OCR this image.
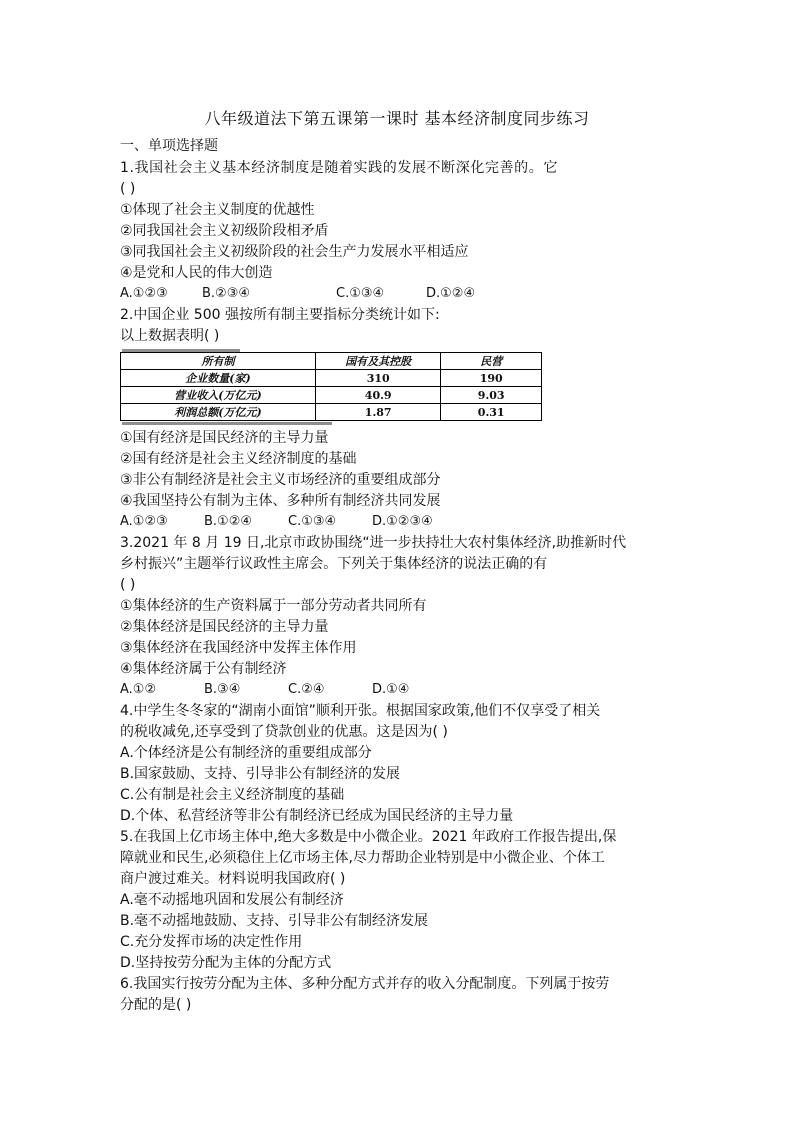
八年级道法下第五课第一课时 基本经济制度同步练习
一、单项选择题
1.我国社会主义基本经济制度是随着实践的发展不断深化完善的。它
( )
①体现了社会主义制度的优越性
②同我国社会主义初级阶段相矛盾
③同我国社会主义初级阶段的社会生产力发展水平相适应
④是党和人民的伟大创造
A.①②③	B.②③④	C.①③④	D.①②④
2.中国企业 500 强按所有制主要指标分类统计如下:
以上数据表明( )
所有制	国有及其控股	民营
企业数量(家)	310	190
营业收入(万亿元)	40.9	9.03
利润总额(万亿元)	1.87	0.31
①国有经济是国民经济的主导力量
②国有经济是社会主义经济制度的基础
③非公有制经济是社会主义市场经济的重要组成部分
④我国坚持公有制为主体、多种所有制经济共同发展
A.①②③	B.①②④	C.①③④	D.①②③④
3.2021 年 8 月 19 日,北京市政协围绕“进一步扶持壮大农村集体经济,助推新时代
乡村振兴”主题举行议政性主席会。下列关于集体经济的说法正确的有
( )
①集体经济的生产资料属于一部分劳动者共同所有
②集体经济是国民经济的主导力量
③集体经济在我国经济中发挥主体作用
④集体经济属于公有制经济
A.①②	B.③④	C.②④	D.①④
4.中学生冬冬家的“湖南小面馆”顺利开张。根据国家政策,他们不仅享受了相关
的税收减免,还享受到了贷款创业的优惠。这是因为( )
A.个体经济是公有制经济的重要组成部分
B.国家鼓励、支持、引导非公有制经济的发展
C.公有制是社会主义经济制度的基础
D.个体、私营经济等非公有制经济已经成为国民经济的主导力量
5.在我国上亿市场主体中,绝大多数是中小微企业。2021 年政府工作报告提出,保
障就业和民生,必须稳住上亿市场主体,尽力帮助企业特别是中小微企业、个体工
商户渡过难关。材料说明我国政府( )
A.毫不动摇地巩固和发展公有制经济
B.毫不动摇地鼓励、支持、引导非公有制经济发展
C.充分发挥市场的决定性作用
D.坚持按劳分配为主体的分配方式
6.我国实行按劳分配为主体、多种分配方式并存的收入分配制度。下列属于按劳
分配的是( )
